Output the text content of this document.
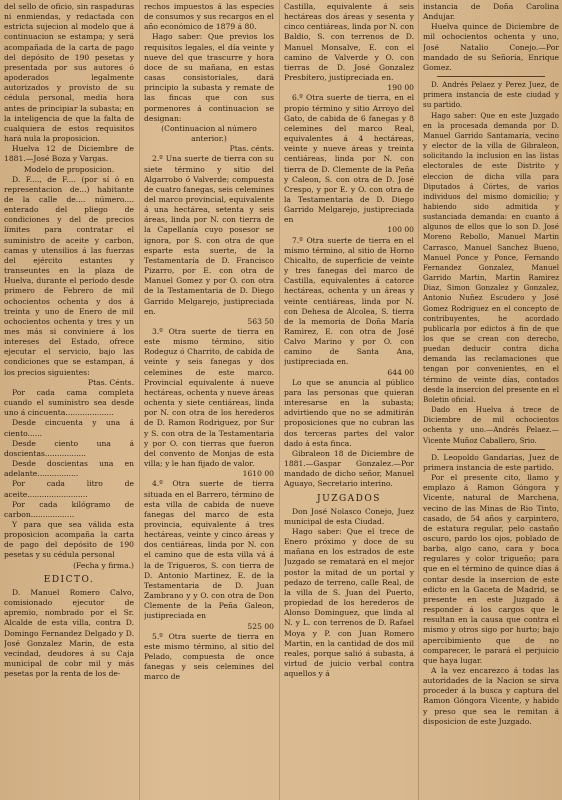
del sello de oficio, sin raspaduras ni enmiendas, y redactada con estricta sujecion al modelo que á continuacion se estampa; y será acompañada de la carta de pago del depósito de 190 pesetas y presentada por sus autores ó apoderados legalmente autorizados y provisto de su cédula personal, media hora antes de principiar la subasta; en la inteligencia de que la falta de cualquiera de estos requisitos hará nula la proposicion.

Huelva 12 de Diciembre de 1881.—José Boza y Vargas.

Modelo de proposicion.

D. F...., de F.... (por sí ó en representacion de...) habitante de la calle de.... número.... enterado del pliego de condiciones y del de precios límites para contratar el suministro de aceite y carbon, camas y utensilios á las fuerzas del ejército estantes y transeuntes en la plaza de Huelva, durante el periodo desde primero de Febrero de mil ochocientos ochenta y dos á treinta y uno de Enero de mil ochocientos ochenta y tres y un mes más si conviniere á los intereses del Estado, ofrece ejecutar el servicio, bajo las condiciones que se estampan, á los precios siguientes:

Ptas. Cénts.

Por cada cama completa cuando el suministro sea desde uno á cincuenta....................

Desde cincuenta y una á ciento......

Desde ciento una á doscientas.................

Desde doscientas una en adelante.................

Por cada litro de aceite.........................

Por cada kilógramo de carbon..................

Y para que sea válida esta proposicion acompaña la carta de pago del depósito de 190 pesetas y su cédula personal

(Fecha y firma.)

EDICTO.

D. Manuel Romero Calvo, comisionado ejecutor de apremio, nombrado por el Sr. Alcalde de esta villa, contra D. Domingo Fernandez Delgado y D. José Gonzalez Marin, de esta vecindad, deudores á su Caja municipal de cobr mil y más pesetas por la renta de los de-

rechos impuestos á las especies de consumos y sus recargos en el año económico de 1879 á 80.

Hago saber: Que previos los requisitos legales, el día veinte y nueve del que trascurre y hora doce de su mañana, en estas casas consistoriales, dará principio la subasta y remate de las fincas que con sus pormenores á continuacion se designan:

(Continuacion al número anterior.)

Ptas. cénts.

2.º Una suerte de tierra con su siete término y sitio del Algarrobo ó Valverde; compuesta de cuatro fanegas, seis celemines del marco provincial, equivalente á una hectárea, setenta y seis áreas, linda por N. con tierra de la Capellanía cuyo posesor se ignora, por S. con otra de que esparte esta suerte, de la Testamentaría de D. Francisco Pizarro, por E. con otra de Manuel Gomez y por O. con otra de la Testamentaria de D. Diego Garrido Melgarejo, justipreciada en.

563 50

3.º Otra suerte de tierra en este mismo término, sitio Rodeguz ó Charrito, de cabida de veinte y seis fanegas y dos celemines de este marco. Provincial equivalente á nueve hectáreas, ochenta y nueve áreas ochenta y siete centiáreas, linda por N. con otra de los herederos de D. Ramon Rodriguez, por Sur y S. con otra de la Testamentaria y por O. con tierras que fueron del convento de Monjas de esta villa; y le han fijado de valor.

1610 00

4.º Otra suerte de tierra situada en el Barrero, término de esta villa de cabida de nueve fanegas del marco de esta provincia, equivalente á tres hectáreas, veinte y cinco áreas y dos centiáreas, linda por N. con el camino que de esta villa vá á la de Trigueros, S. con tierra de D. Antonio Martinez, E. de la Testamentaria de D. Juan Zambrano y y O. con otra de Don Clemente de la Peña Galeon, justipreciada en

525 00

5.º Otra suerte de tierra en este mismo término, al sitio del Pelado, compuesta de once fanegas y seis celemines del marco de

Castilla, equivalente á seis hectáreas dos áreas y sesenta y cinco centiáreas, linda por N. con Baldio, S. con terrenos de D. Manuel Monsalve, E. con el camino de Valverde y O. con tierras de D. José Gonzalez Presbítero, justipreciada en.

190 00

6.º Otra suerte de tierra, en el propio término y sitio Arroyo del Gato, de cabida de 6 fanegas y 8 celemines del marco Real, equivalentes á 4 hectáreas, veinte y nueve áreas y treinta centiáreas, linda por N. con tierra de D. Clemente de la Peña y Caleon, S. con otra de D. José Crespo, y por E. y O. con otra de la Testamentaria de D. Diego Garrido Melgarejo, justipreciada en

100 00

7.º Otra suerte de tierra en el mismo término, al sitio de Horno Chicalto, de superficie de veinte y tres fanegas del marco de Castilla, equivalentes á catorce hectáreas, ochenta y un áreas y veinte centiáreas, linda por N. con Dehesa de Alcolea, S. tierra de la memoria de Doña María Ramirez, E. con otra de José Calvo Marino y por O. con camino de Santa Ana, justipreciada en.

644 00

Lo que se anuncia al público para las personas que quieran interesarse en la subasta; advirtiendo que no se admitirán proposiciones que no cubran las dos terceras partes del valor dado á esta finca.

Gibraleon 18 de Diciembre de 1881.—Gaspar Gonzalez.—Por mandado de dicho señor, Manuel Aguayo, Secretario interino.

JUZGADOS

Don José Nolasco Conejo, Juez municipal de esta Ciudad.

Hago saber: Que el trece de Enero próximo y doce de su mañana en los estrados de este Juzgado se rematará en el mejor postor la mitad de un portal y pedazo de terreno, calle Real, de la villa de S. Juan del Puerto, propiedad de los herederos de Alonso Dominguez, que linda al N. y L. con terrenos de D. Rafael Moya y P. con Juan Romero Martin, en la cantidad de dos mil reales, porque salió á subasta, á virtud de juicio verbal contra aquellos y á

instancia de Doña Carolina Andujar.

Huelva quince de Diciembre de mil ochocientos ochenta y uno, José Natalio Conejo.—Por mandado de su Señoría, Enrique Gomez.

D. Andrés Pelaez y Perez Juez, de primera instancia de este ciudad y su partido.

Hago saber: Que en este Juzgado en la procesada demanda por D. Manuel Garrido Santamaría, vecino y elector de la villa de Gibraleon, solicitando la inclusion en las listas electorales de este Distrito y eleccion de dicha villa para Diputados á Córtes, de varios individuos del mismo domicilio; y habiendo sido admitida y sustanciada demanda: en cuanto á algunos de ellos que lo son D. José Moreno Rebollo, Manuel Martin Carrasco, Manuel Sanchez Bueno, Manuel Ponce y Ponce, Fernando Fernandez Gonzalez, Manuel Garrido Martin, Martin Ramirez Diaz, Simon Gonzalez y Gonzalez, Antonio Nuñez Escudero y José Gomez Rodriguez en el concepto de contribuyentes, he acordado publicarla por edictos á fin de que los que se crean con derecho, puedan deducir contra dicha demanda las reclamaciones que tengan por convenientes, en el término de veinte días, contados desde la insercion del presente en el Boletin oficial.

Dado en Huelva á trece de Diciembre de mil ochocientos ochenta y uno.—Andrés Pelaez.—Vicente Muñoz Caballero, Srio.

D. Leopoldo Gandarias, Juez de primera instancia de este partido.

Por el presente cito, llamo y emplazo á Ramon Góngora y Vicente, natural de Marchena, vecino de las Minas de Rio Tinto, casado, de 54 años y carpintero, de estatura regular, pelo castaño oscuro, pardo los ojos, poblado de barba, algo cano, cara y boca regulares y color trigueño; para que en el término de quince días á contar desde la insercion de este edicto en la Gaceta de Madrid, se presente en este Juzgado á responder á los cargos que le resultan en la causa que contra el mismo y otros sigo por hurto; bajo apercibimiento que de no comparecer, le parará el perjuicio que haya lugar.

A la vez encarezco á todas las autoridades de la Nacion se sirva proceder á la busca y captura del Ramon Góngora Vicente, y habido y preso que sea le remitan á disposicion de este Juzgado.
